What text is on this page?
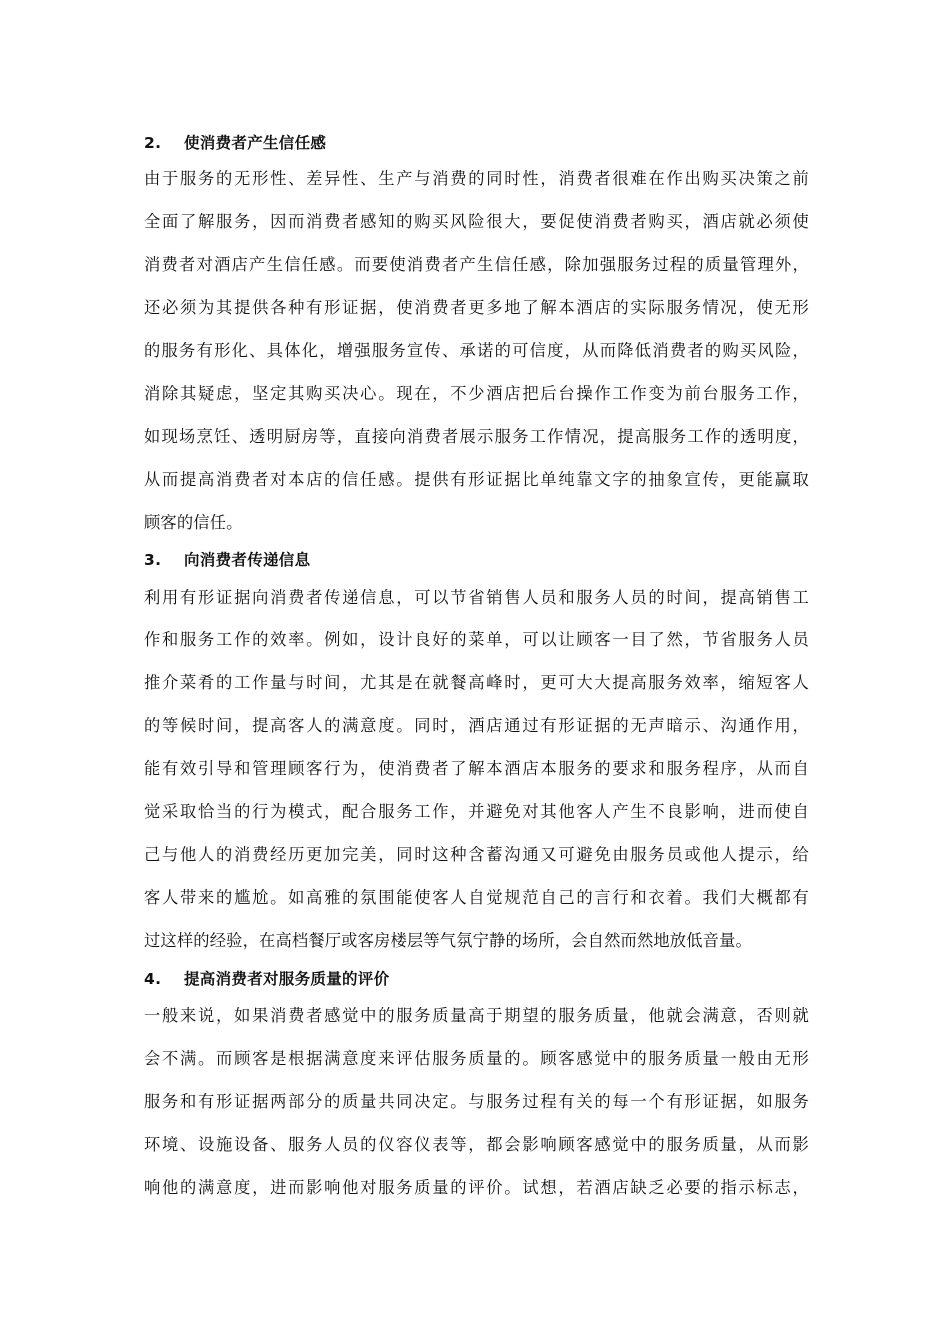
2. 使消费者产生信任感
由于服务的无形性、差异性、生产与消费的同时性，消费者很难在作出购买决策之前
全面了解服务，因而消费者感知的购买风险很大，要促使消费者购买，酒店就必须使
消费者对酒店产生信任感。而要使消费者产生信任感，除加强服务过程的质量管理外，
还必须为其提供各种有形证据，使消费者更多地了解本酒店的实际服务情况，使无形
的服务有形化、具体化，增强服务宣传、承诺的可信度，从而降低消费者的购买风险，
消除其疑虑，坚定其购买决心。现在，不少酒店把后台操作工作变为前台服务工作，
如现场烹饪、透明厨房等，直接向消费者展示服务工作情况，提高服务工作的透明度，
从而提高消费者对本店的信任感。提供有形证据比单纯靠文字的抽象宣传，更能赢取
顾客的信任。
3. 向消费者传递信息
利用有形证据向消费者传递信息，可以节省销售人员和服务人员的时间，提高销售工
作和服务工作的效率。例如，设计良好的菜单，可以让顾客一目了然，节省服务人员
推介菜肴的工作量与时间，尤其是在就餐高峰时，更可大大提高服务效率，缩短客人
的等候时间，提高客人的满意度。同时，酒店通过有形证据的无声暗示、沟通作用，
能有效引导和管理顾客行为，使消费者了解本酒店本服务的要求和服务程序，从而自
觉采取恰当的行为模式，配合服务工作，并避免对其他客人产生不良影响，进而使自
己与他人的消费经历更加完美，同时这种含蓄沟通又可避免由服务员或他人提示，给
客人带来的尴尬。如高雅的氛围能使客人自觉规范自己的言行和衣着。我们大概都有
过这样的经验，在高档餐厅或客房楼层等气氛宁静的场所，会自然而然地放低音量。
4. 提高消费者对服务质量的评价
一般来说，如果消费者感觉中的服务质量高于期望的服务质量，他就会满意，否则就
会不满。而顾客是根据满意度来评估服务质量的。顾客感觉中的服务质量一般由无形
服务和有形证据两部分的质量共同决定。与服务过程有关的每一个有形证据，如服务
环境、设施设备、服务人员的仪容仪表等，都会影响顾客感觉中的服务质量，从而影
响他的满意度，进而影响他对服务质量的评价。试想，若酒店缺乏必要的指示标志，
